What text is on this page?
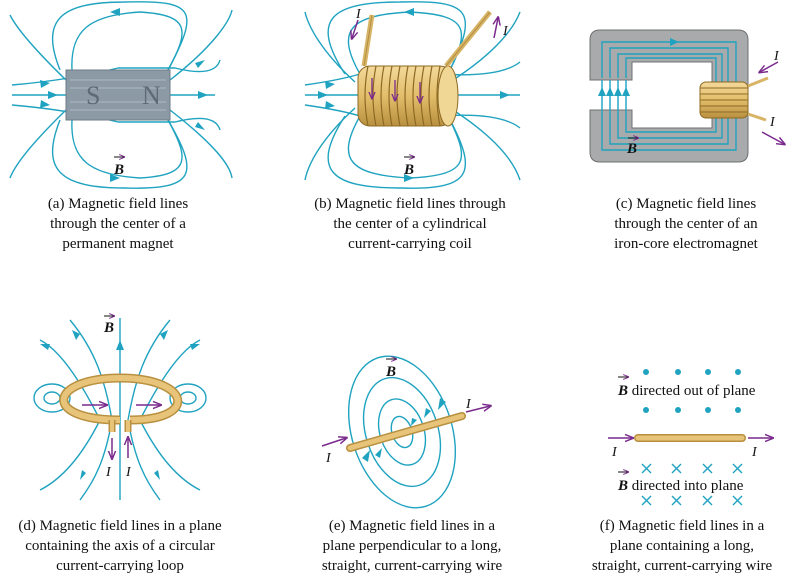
S N
B
I
I
B
I
I
B
I I
B
I
I
B
B directed out of plane
I	I
B directed into plane
(a) Magnetic field lines
through the center of a
permanent magnet
(b) Magnetic field lines through
the center of a cylindrical
current-carrying coil
(c) Magnetic field lines
through the center of an
iron-core electromagnet
(d) Magnetic field lines in a plane
containing the axis of a circular
current-carrying loop
(e) Magnetic field lines in a
plane perpendicular to a long,
straight, current-carrying wire
(f) Magnetic field lines in a
plane containing a long,
straight, current-carrying wire
